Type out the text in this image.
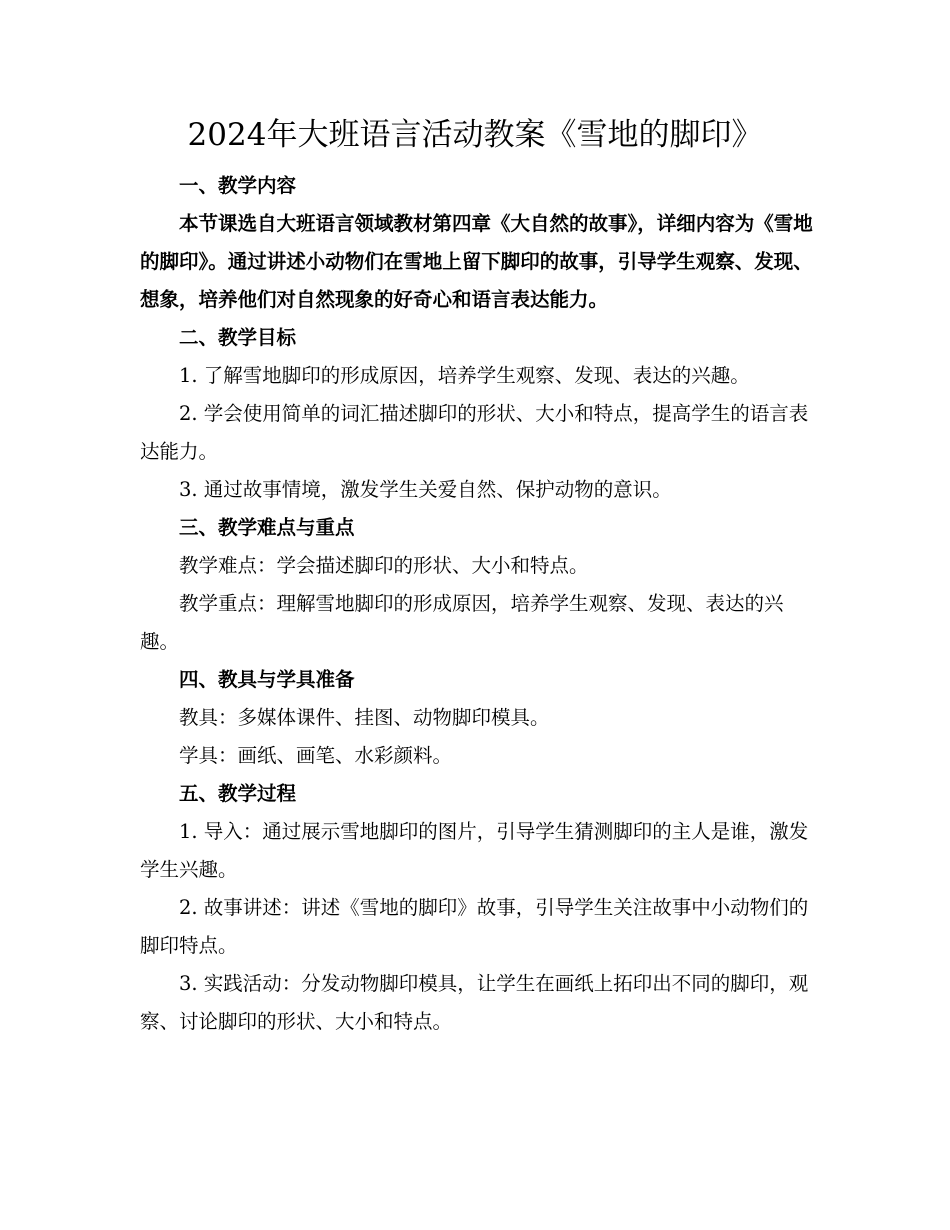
2024年大班语言活动教案《雪地的脚印》

一、教学内容

本节课选自大班语言领域教材第四章《大自然的故事》，详细内容为《雪地的脚印》。通过讲述小动物们在雪地上留下脚印的故事，引导学生观察、发现、想象，培养他们对自然现象的好奇心和语言表达能力。

二、教学目标

1. 了解雪地脚印的形成原因，培养学生观察、发现、表达的兴趣。

2. 学会使用简单的词汇描述脚印的形状、大小和特点，提高学生的语言表达能力。

3. 通过故事情境，激发学生关爱自然、保护动物的意识。

三、教学难点与重点

教学难点：学会描述脚印的形状、大小和特点。

教学重点：理解雪地脚印的形成原因，培养学生观察、发现、表达的兴趣。

四、教具与学具准备

教具：多媒体课件、挂图、动物脚印模具。

学具：画纸、画笔、水彩颜料。

五、教学过程

1. 导入：通过展示雪地脚印的图片，引导学生猜测脚印的主人是谁，激发学生兴趣。

2. 故事讲述：讲述《雪地的脚印》故事，引导学生关注故事中小动物们的脚印特点。

3. 实践活动：分发动物脚印模具，让学生在画纸上拓印出不同的脚印，观察、讨论脚印的形状、大小和特点。
